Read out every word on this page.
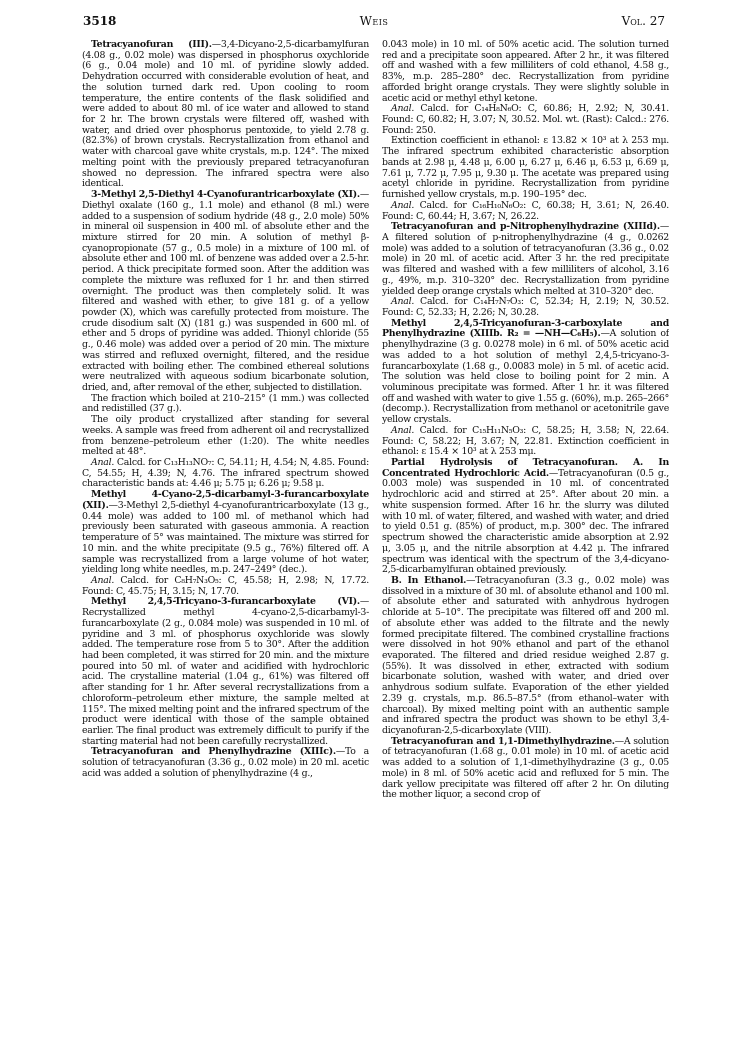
3518	Weis	Vol. 27

Tetracyanofuran (III).—3,4-Dicyano-2,5-dicarbamylfuran (4.08 g., 0.02 mole) was dispersed in phosphorus oxychloride (6 g., 0.04 mole) and 10 ml. of pyridine slowly added. Dehydration occurred with considerable evolution of heat, and the solution turned dark red. Upon cooling to room temperature, the entire contents of the flask solidified and were added to about 80 ml. of ice water and allowed to stand for 2 hr. The brown crystals were filtered off, washed with water, and dried over phosphorus pentoxide, to yield 2.78 g. (82.3%) of brown crystals. Recrystallization from ethanol and water with charcoal gave white crystals, m.p. 124°. The mixed melting point with the previously prepared tetracyanofuran showed no depression. The infrared spectra were also identical.

3-Methyl 2,5-Diethyl 4-Cyanofurantricarboxylate (XI).—Diethyl oxalate (160 g., 1.1 mole) and ethanol (8 ml.) were added to a suspension of sodium hydride (48 g., 2.0 mole) 50% in mineral oil suspension in 400 ml. of absolute ether and the mixture stirred for 20 min. A solution of methyl β-cyanopropionate (57 g., 0.5 mole) in a mixture of 100 ml. of absolute ether and 100 ml. of benzene was added over a 2.5-hr. period. A thick precipitate formed soon. After the addition was complete the mixture was refluxed for 1 hr. and then stirred overnight. The product was then completely solid. It was filtered and washed with ether, to give 181 g. of a yellow powder (X), which was carefully protected from moisture. The crude disodium salt (X) (181 g.) was suspended in 600 ml. of ether and 5 drops of pyridine was added. Thionyl chloride (55 g., 0.46 mole) was added over a period of 20 min. The mixture was stirred and refluxed overnight, filtered, and the residue extracted with boiling ether. The combined ethereal solutions were neutralized with aqueous sodium bicarbonate solution, dried, and, after removal of the ether, subjected to distillation.

The fraction which boiled at 210–215° (1 mm.) was collected and redistilled (37 g.).

The oily product crystallized after standing for several weeks. A sample was freed from adherent oil and recrystallized from benzene–petroleum ether (1:20). The white needles melted at 48°.

Anal. Calcd. for C₁₃H₁₃NO₇: C, 54.11; H, 4.54; N, 4.85. Found: C, 54.55; H, 4.39; N, 4.76. The infrared spectrum showed characteristic bands at: 4.46 μ; 5.75 μ; 6.26 μ; 9.58 μ.

Methyl 4-Cyano-2,5-dicarbamyl-3-furancarboxylate (XII).—3-Methyl 2,5-diethyl 4-cyanofurantricarboxylate (13 g., 0.44 mole) was added to 100 ml. of methanol which had previously been saturated with gaseous ammonia. A reaction temperature of 5° was maintained. The mixture was stirred for 10 min. and the white precipitate (9.5 g., 76%) filtered off. A sample was recrystallized from a large volume of hot water, yielding long white needles, m.p. 247–249° (dec.).

Anal. Calcd. for C₈H₇N₃O₅: C, 45.58; H, 2.98; N, 17.72. Found: C, 45.75; H, 3.15; N, 17.70.

Methyl 2,4,5-Tricyano-3-furancarboxylate (VI).—Recrystallized methyl 4-cyano-2,5-dicarbamyl-3-furancarboxylate (2 g., 0.084 mole) was suspended in 10 ml. of pyridine and 3 ml. of phosphorus oxychloride was slowly added. The temperature rose from 5 to 30°. After the addition had been completed, it was stirred for 20 min. and the mixture poured into 50 ml. of water and acidified with hydrochloric acid. The crystalline material (1.04 g., 61%) was filtered off after standing for 1 hr. After several recrystallizations from a chloroform–petroleum ether mixture, the sample melted at 115°. The mixed melting point and the infrared spectrum of the product were identical with those of the sample obtained earlier. The final product was extremely difficult to purify if the starting material had not been carefully recrystallized.

Tetracyanofuran and Phenylhydrazine (XIIIc).—To a solution of tetracyanofuran (3.36 g., 0.02 mole) in 20 ml. acetic acid was added a solution of phenylhydrazine (4 g.,

0.043 mole) in 10 ml. of 50% acetic acid. The solution turned red and a precipitate soon appeared. After 2 hr., it was filtered off and washed with a few milliliters of cold ethanol, 4.58 g., 83%, m.p. 285–280° dec. Recrystallization from pyridine afforded bright orange crystals. They were slightly soluble in acetic acid or methyl ethyl ketone.

Anal. Calcd. for C₁₄H₈N₆O: C, 60.86; H, 2.92; N, 30.41. Found: C, 60.82; H, 3.07; N, 30.52. Mol. wt. (Rast): Calcd.: 276. Found: 250.

Extinction coefficient in ethanol: ε 13.82 × 10³ at λ 253 mμ. The infrared spectrum exhibited characteristic absorption bands at 2.98 μ, 4.48 μ, 6.00 μ, 6.27 μ, 6.46 μ, 6.53 μ, 6.69 μ, 7.61 μ, 7.72 μ, 7.95 μ, 9.30 μ. The acetate was prepared using acetyl chloride in pyridine. Recrystallization from pyridine furnished yellow crystals, m.p. 190–195° dec.

Anal. Calcd. for C₁₆H₁₀N₆O₂: C, 60.38; H, 3.61; N, 26.40. Found: C, 60.44; H, 3.67; N, 26.22.

Tetracyanofuran and p-Nitrophenylhydrazine (XIIId).—A filtered solution of p-nitrophenylhydrazine (4 g., 0.0262 mole) was added to a solution of tetracyanofuran (3.36 g., 0.02 mole) in 20 ml. of acetic acid. After 3 hr. the red precipitate was filtered and washed with a few milliliters of alcohol, 3.16 g., 49%, m.p. 310–320° dec. Recrystallization from pyridine yielded deep orange crystals which melted at 310–320° dec.

Anal. Calcd. for C₁₄H₇N₇O₃: C, 52.34; H, 2.19; N, 30.52. Found: C, 52.33; H, 2.26; N, 30.28.

Methyl 2,4,5-Tricyanofuran-3-carboxylate and Phenylhydrazine (XIIIb. R₂ = —NH—C₆H₅).—A solution of phenylhydrazine (3 g. 0.0278 mole) in 6 ml. of 50% acetic acid was added to a hot solution of methyl 2,4,5-tricyano-3-furancarboxylate (1.68 g., 0.0083 mole) in 5 ml. of acetic acid. The solution was held close to boiling point for 2 min. A voluminous precipitate was formed. After 1 hr. it was filtered off and washed with water to give 1.55 g. (60%), m.p. 265–266° (decomp.). Recrystallization from methanol or acetonitrile gave yellow crystals.

Anal. Calcd. for C₁₅H₁₁N₅O₃: C, 58.25; H, 3.58; N, 22.64. Found: C, 58.22; H, 3.67; N, 22.81. Extinction coefficient in ethanol: ε 15.4 × 10³ at λ 253 mμ.

Partial Hydrolysis of Tetracyanofuran. A. In Concentrated Hydrochloric Acid.—Tetracyanofuran (0.5 g., 0.003 mole) was suspended in 10 ml. of concentrated hydrochloric acid and stirred at 25°. After about 20 min. a white suspension formed. After 16 hr. the slurry was diluted with 10 ml. of water, filtered, and washed with water, and dried to yield 0.51 g. (85%) of product, m.p. 300° dec. The infrared spectrum showed the characteristic amide absorption at 2.92 μ, 3.05 μ, and the nitrile absorption at 4.42 μ. The infrared spectrum was identical with the spectrum of the 3,4-dicyano-2,5-dicarbamylfuran obtained previously.

B. In Ethanol.—Tetracyanofuran (3.3 g., 0.02 mole) was dissolved in a mixture of 30 ml. of absolute ethanol and 100 ml. of absolute ether and saturated with anhydrous hydrogen chloride at 5–10°. The precipitate was filtered off and 200 ml. of absolute ether was added to the filtrate and the newly formed precipitate filtered. The combined crystalline fractions were dissolved in hot 90% ethanol and part of the ethanol evaporated. The filtered and dried residue weighed 2.87 g. (55%). It was dissolved in ether, extracted with sodium bicarbonate solution, washed with water, and dried over anhydrous sodium sulfate. Evaporation of the ether yielded 2.39 g. crystals, m.p. 86.5–87.5° (from ethanol–water with charcoal). By mixed melting point with an authentic sample and infrared spectra the product was shown to be ethyl 3,4-dicyanofuran-2,5-dicarboxylate (VIII).

Tetracyanofuran and 1,1-Dimethylhydrazine.—A solution of tetracyanofuran (1.68 g., 0.01 mole) in 10 ml. of acetic acid was added to a solution of 1,1-dimethylhydrazine (3 g., 0.05 mole) in 8 ml. of 50% acetic acid and refluxed for 5 min. The dark yellow precipitate was filtered off after 2 hr. On diluting the mother liquor, a second crop of
